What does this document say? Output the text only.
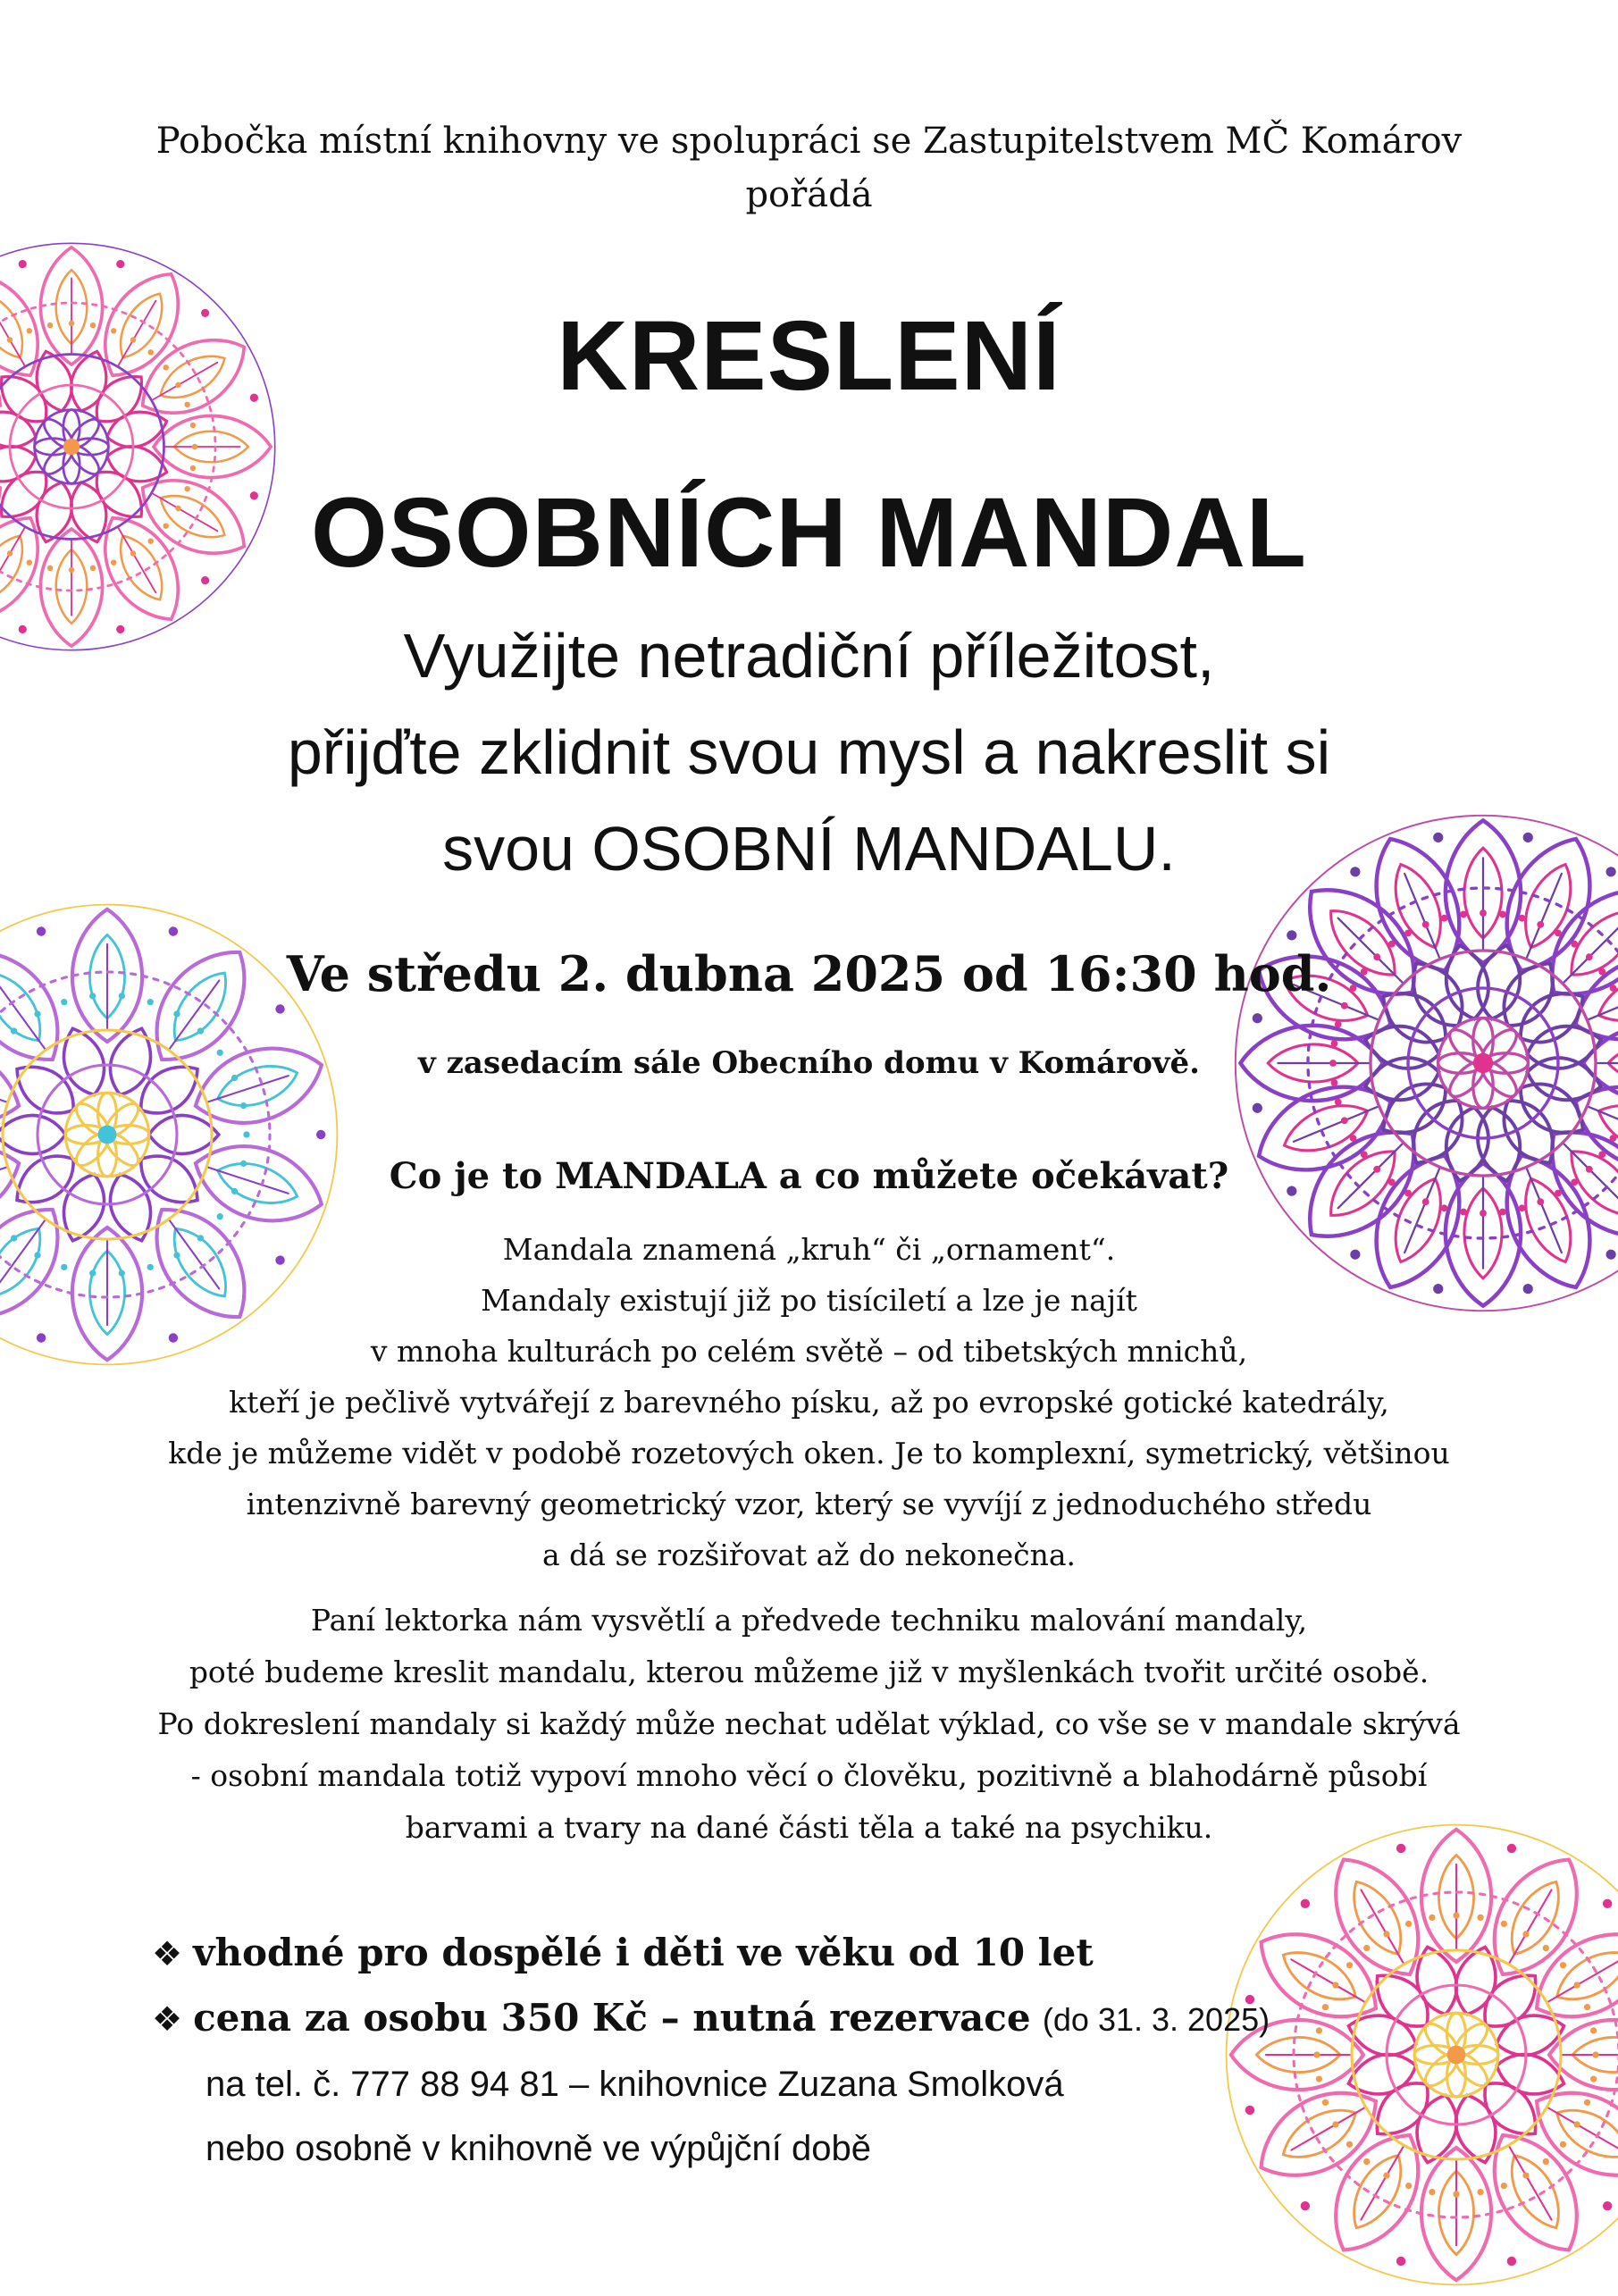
Pobočka místní knihovny ve spolupráci se Zastupitelstvem MČ Komárov
pořádá
KRESLENÍ
OSOBNÍCH MANDAL
Využijte netradiční příležitost,
přijďte zklidnit svou mysl a nakreslit si
svou OSOBNÍ MANDALU.
Ve středu 2. dubna 2025 od 16:30 hod.
v zasedacím sále Obecního domu v Komárově.
Co je to MANDALA a co můžete očekávat?
Mandala znamená „kruh“ či „ornament“.
Mandaly existují již po tisíciletí a lze je najít
v mnoha kulturách po celém světě – od tibetských mnichů,
kteří je pečlivě vytvářejí z barevného písku, až po evropské gotické katedrály,
kde je můžeme vidět v podobě rozetových oken. Je to komplexní, symetrický, většinou
intenzivně barevný geometrický vzor, který se vyvíjí z jednoduchého středu
a dá se rozšiřovat až do nekonečna.
Paní lektorka nám vysvětlí a předvede techniku malování mandaly,
poté budeme kreslit mandalu, kterou můžeme již v myšlenkách tvořit určité osobě.
Po dokreslení mandaly si každý může nechat udělat výklad, co vše se v mandale skrývá
- osobní mandala totiž vypoví mnoho věcí o člověku, pozitivně a blahodárně působí
barvami a tvary na dané části těla a také na psychiku.
❖ vhodné pro dospělé i děti ve věku od 10 let
❖ cena za osobu 350 Kč – nutná rezervace (do 31. 3. 2025)
na tel. č. 777 88 94 81 – knihovnice Zuzana Smolková
nebo osobně v knihovně ve výpůjční době
